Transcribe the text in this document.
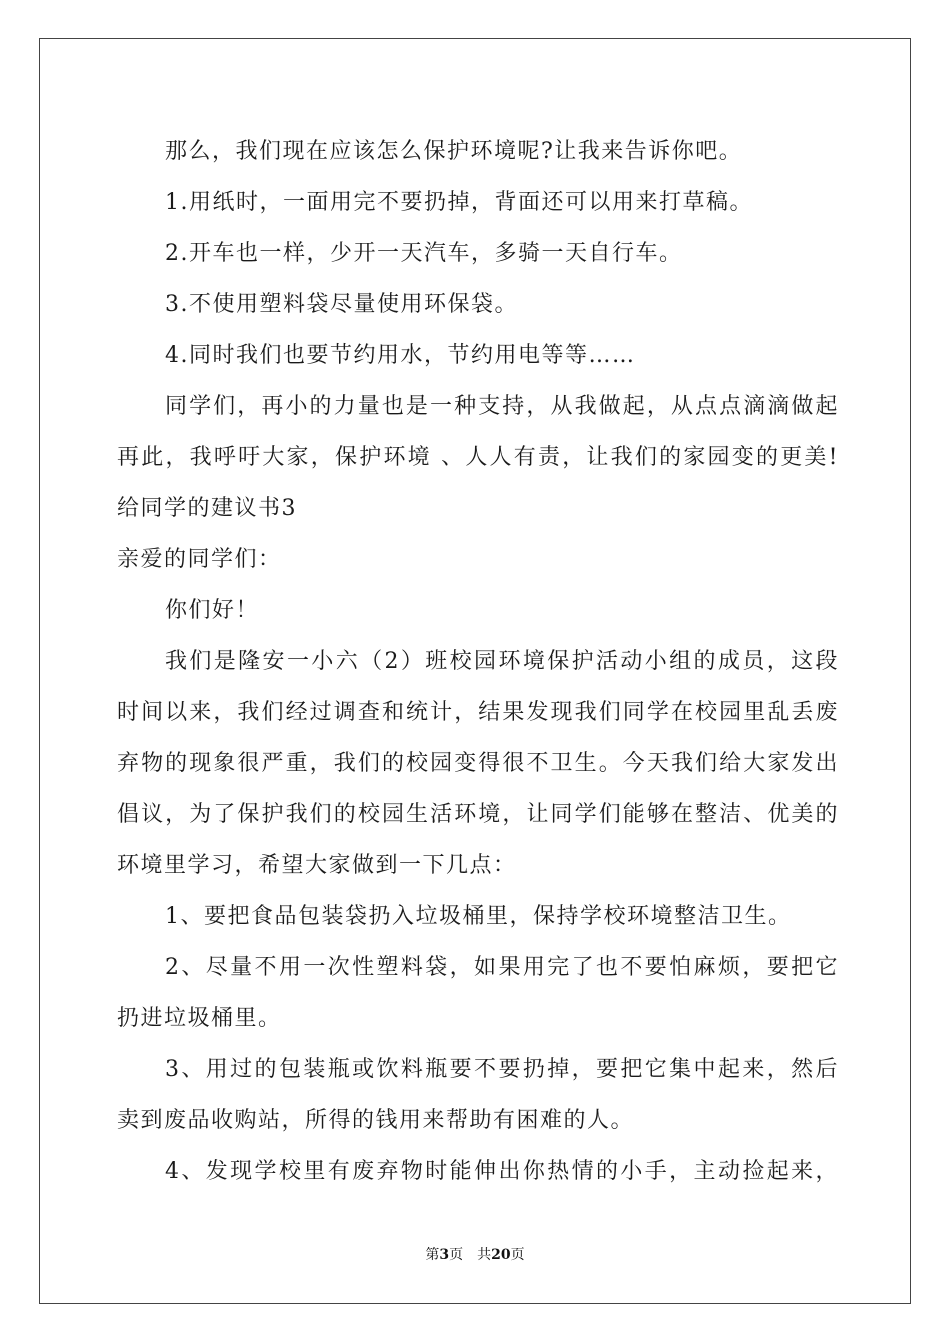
那么，我们现在应该怎么保护环境呢?让我来告诉你吧。
1.用纸时，一面用完不要扔掉，背面还可以用来打草稿。
2.开车也一样，少开一天汽车，多骑一天自行车。
3.不使用塑料袋尽量使用环保袋。
4.同时我们也要节约用水，节约用电等等……
同学们，再小的力量也是一种支持，从我做起，从点点滴滴做起
再此，我呼吁大家，保护环境 、人人有责，让我们的家园变的更美!
给同学的建议书3
亲爱的同学们：
你们好！
我们是隆安一小六（2）班校园环境保护活动小组的成员，这段
时间以来，我们经过调查和统计，结果发现我们同学在校园里乱丢废
弃物的现象很严重，我们的校园变得很不卫生。今天我们给大家发出
倡议，为了保护我们的校园生活环境，让同学们能够在整洁、优美的
环境里学习，希望大家做到一下几点：
1、要把食品包装袋扔入垃圾桶里，保持学校环境整洁卫生。
2、尽量不用一次性塑料袋，如果用完了也不要怕麻烦，要把它
扔进垃圾桶里。
3、用过的包装瓶或饮料瓶要不要扔掉，要把它集中起来，然后
卖到废品收购站，所得的钱用来帮助有困难的人。
4、发现学校里有废弃物时能伸出你热情的小手，主动捡起来，
第3页　共20页
